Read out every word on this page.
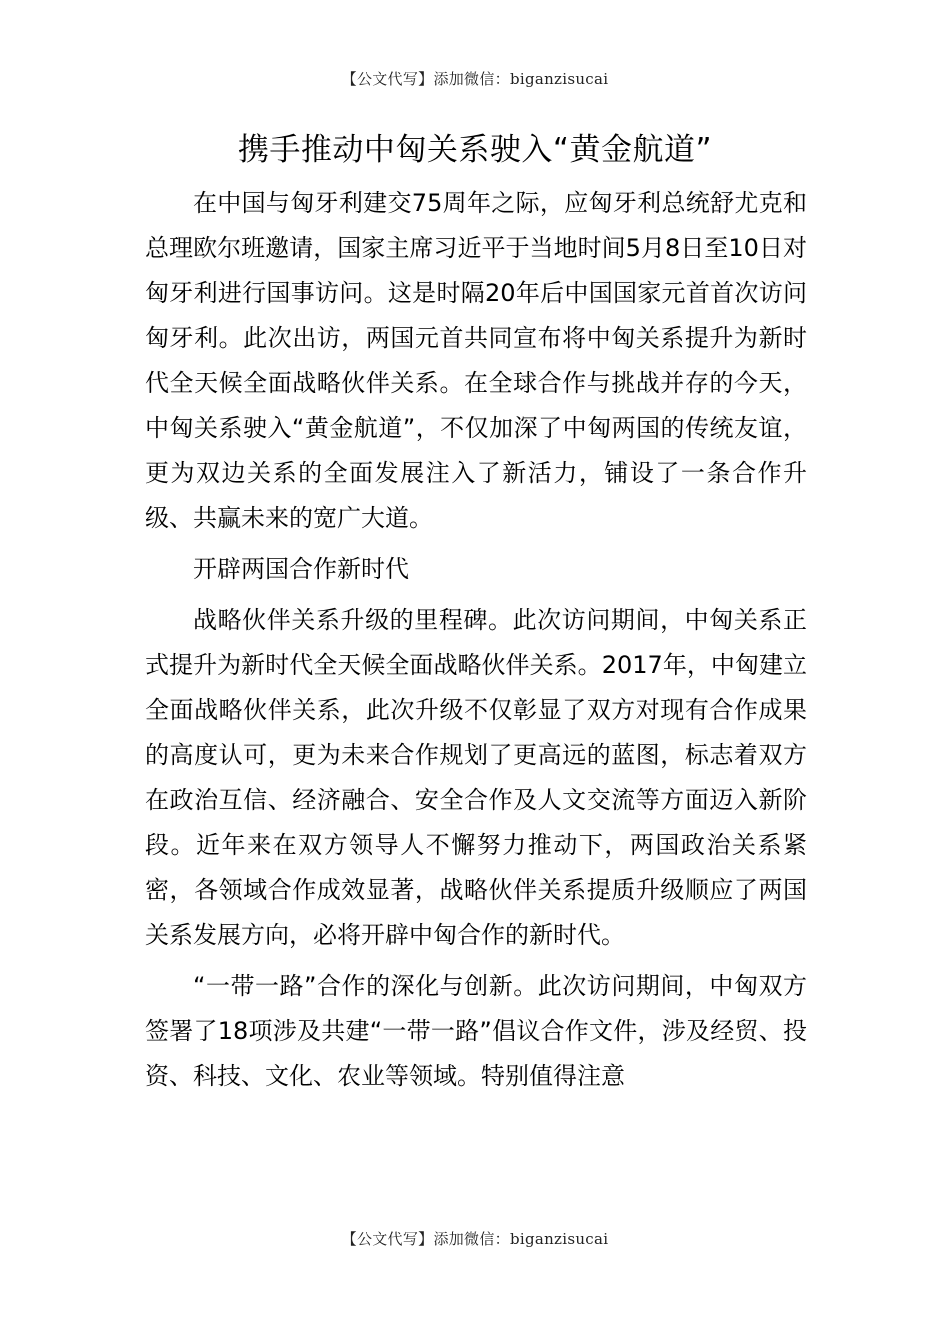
【公文代写】添加微信：biganzisucai
携手推动中匈关系驶入“黄金航道”

在中国与匈牙利建交75周年之际，应匈牙利总统舒尤克和总理欧尔班邀请，国家主席习近平于当地时间5月8日至10日对匈牙利进行国事访问。这是时隔20年后中国国家元首首次访问匈牙利。此次出访，两国元首共同宣布将中匈关系提升为新时代全天候全面战略伙伴关系。在全球合作与挑战并存的今天，中匈关系驶入“黄金航道”，不仅加深了中匈两国的传统友谊，更为双边关系的全面发展注入了新活力，铺设了一条合作升级、共赢未来的宽广大道。

开辟两国合作新时代

战略伙伴关系升级的里程碑。此次访问期间，中匈关系正式提升为新时代全天候全面战略伙伴关系。2017年，中匈建立全面战略伙伴关系，此次升级不仅彰显了双方对现有合作成果的高度认可，更为未来合作规划了更高远的蓝图，标志着双方在政治互信、经济融合、安全合作及人文交流等方面迈入新阶段。近年来在双方领导人不懈努力推动下，两国政治关系紧密，各领域合作成效显著，战略伙伴关系提质升级顺应了两国关系发展方向，必将开辟中匈合作的新时代。

“一带一路”合作的深化与创新。此次访问期间，中匈双方签署了18项涉及共建“一带一路”倡议合作文件，涉及经贸、投资、科技、文化、农业等领域。特别值得注意

【公文代写】添加微信：biganzisucai
